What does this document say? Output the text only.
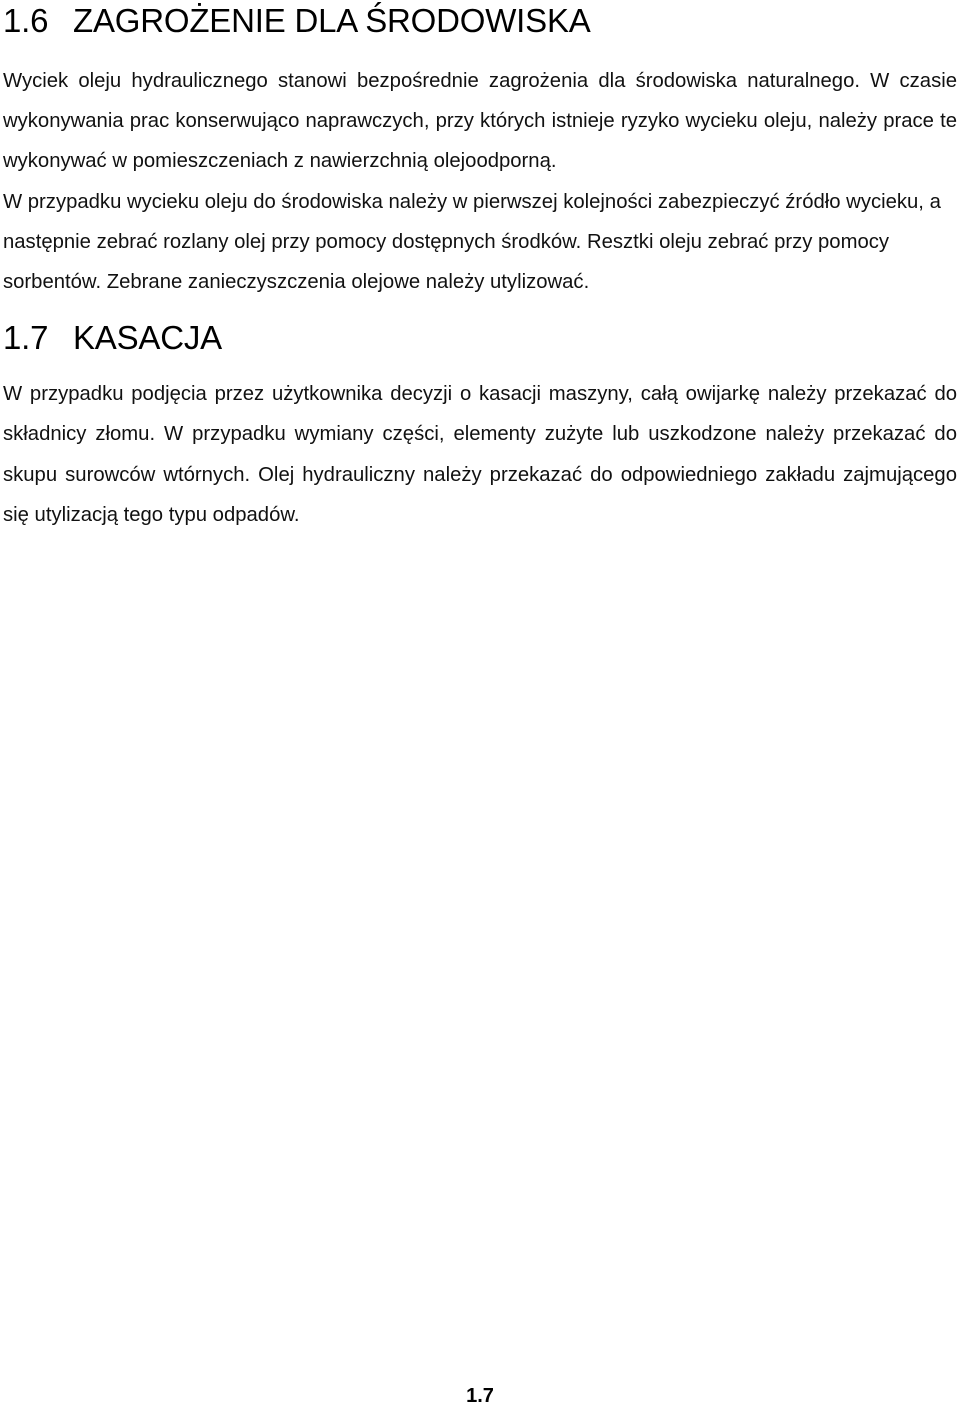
1.6 ZAGROŻENIE DLA ŚRODOWISKA

Wyciek oleju hydraulicznego stanowi bezpośrednie zagrożenia dla środowiska naturalnego. W czasie wykonywania prac konserwująco naprawczych, przy których istnieje ryzyko wycieku oleju, należy prace te wykonywać w pomieszczeniach z nawierzchnią olejoodporną.

W przypadku wycieku oleju do środowiska należy w pierwszej kolejności zabezpieczyć źródło wycieku, a następnie zebrać rozlany olej przy pomocy dostępnych środków. Resztki oleju zebrać przy pomocy sorbentów. Zebrane zanieczyszczenia olejowe należy utylizować.

1.7 KASACJA

W przypadku podjęcia przez użytkownika decyzji o kasacji maszyny, całą owijarkę należy przekazać do składnicy złomu. W przypadku wymiany części, elementy zużyte lub uszkodzone należy przekazać do skupu surowców wtórnych. Olej hydrauliczny należy przekazać do odpowiedniego zakładu zajmującego się utylizacją tego typu odpadów.

1.7
